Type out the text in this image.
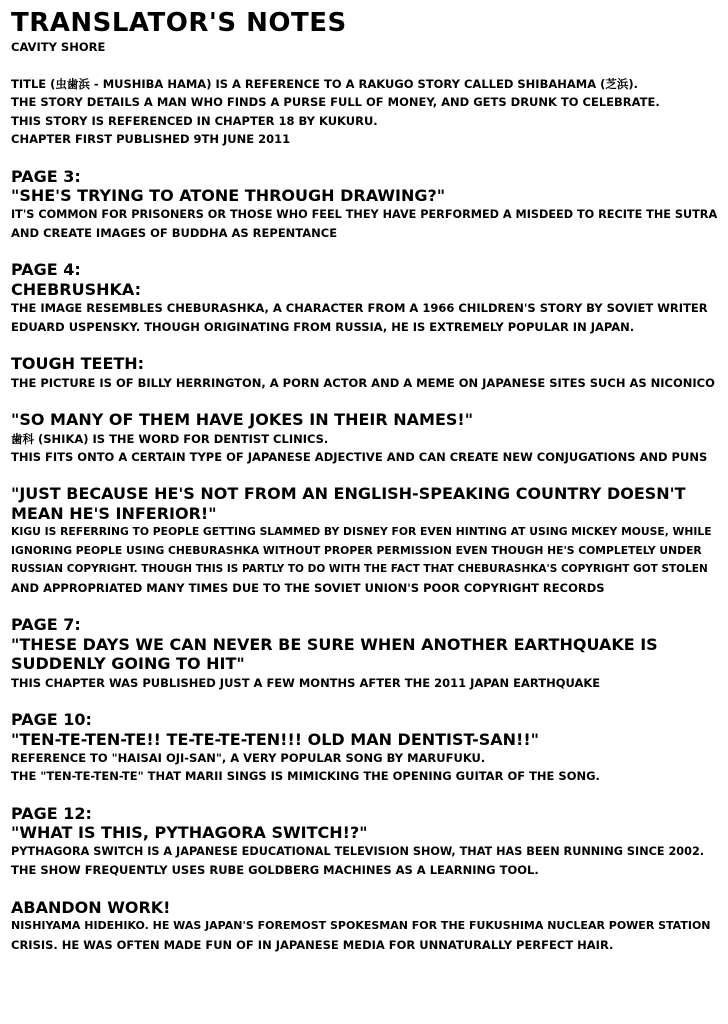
TRANSLATOR'S NOTES
CAVITY SHORE
TITLE (虫歯浜 - MUSHIBA HAMA) IS A REFERENCE TO A RAKUGO STORY CALLED SHIBAHAMA (芝浜).
THE STORY DETAILS A MAN WHO FINDS A PURSE FULL OF MONEY, AND GETS DRUNK TO CELEBRATE.
THIS STORY IS REFERENCED IN CHAPTER 18 BY KUKURU.
CHAPTER FIRST PUBLISHED 9TH JUNE 2011
PAGE 3:
"SHE'S TRYING TO ATONE THROUGH DRAWING?"
IT'S COMMON FOR PRISONERS OR THOSE WHO FEEL THEY HAVE PERFORMED A MISDEED TO RECITE THE SUTRA
AND CREATE IMAGES OF BUDDHA AS REPENTANCE
PAGE 4:
CHEBRUSHKA:
THE IMAGE RESEMBLES CHEBURASHKA, A CHARACTER FROM A 1966 CHILDREN'S STORY BY SOVIET WRITER
EDUARD USPENSKY. THOUGH ORIGINATING FROM RUSSIA, HE IS EXTREMELY POPULAR IN JAPAN.
TOUGH TEETH:
THE PICTURE IS OF BILLY HERRINGTON, A PORN ACTOR AND A MEME ON JAPANESE SITES SUCH AS NICONICO
"SO MANY OF THEM HAVE JOKES IN THEIR NAMES!"
歯科 (SHIKA) IS THE WORD FOR DENTIST CLINICS.
THIS FITS ONTO A CERTAIN TYPE OF JAPANESE ADJECTIVE AND CAN CREATE NEW CONJUGATIONS AND PUNS
"JUST BECAUSE HE'S NOT FROM AN ENGLISH-SPEAKING COUNTRY DOESN'T MEAN HE'S INFERIOR!"
KIGU IS REFERRING TO PEOPLE GETTING SLAMMED BY DISNEY FOR EVEN HINTING AT USING MICKEY MOUSE, WHILE
IGNORING PEOPLE USING CHEBURASHKA WITHOUT PROPER PERMISSION EVEN THOUGH HE'S COMPLETELY UNDER
RUSSIAN COPYRIGHT. THOUGH THIS IS PARTLY TO DO WITH THE FACT THAT CHEBURASHKA'S COPYRIGHT GOT STOLEN
AND APPROPRIATED MANY TIMES DUE TO THE SOVIET UNION'S POOR COPYRIGHT RECORDS
PAGE 7:
"THESE DAYS WE CAN NEVER BE SURE WHEN ANOTHER EARTHQUAKE IS SUDDENLY GOING TO HIT"
THIS CHAPTER WAS PUBLISHED JUST A FEW MONTHS AFTER THE 2011 JAPAN EARTHQUAKE
PAGE 10:
"TEN-TE-TEN-TE!! TE-TE-TE-TEN!!! OLD MAN DENTIST-SAN!!"
REFERENCE TO "HAISAI OJI-SAN", A VERY POPULAR SONG BY MARUFUKU.
THE "TEN-TE-TEN-TE" THAT MARII SINGS IS MIMICKING THE OPENING GUITAR OF THE SONG.
PAGE 12:
"WHAT IS THIS, PYTHAGORA SWITCH!?"
PYTHAGORA SWITCH IS A JAPANESE EDUCATIONAL TELEVISION SHOW, THAT HAS BEEN RUNNING SINCE 2002.
THE SHOW FREQUENTLY USES RUBE GOLDBERG MACHINES AS A LEARNING TOOL.
ABANDON WORK!
NISHIYAMA HIDEHIKO. HE WAS JAPAN'S FOREMOST SPOKESMAN FOR THE FUKUSHIMA NUCLEAR POWER STATION
CRISIS. HE WAS OFTEN MADE FUN OF IN JAPANESE MEDIA FOR UNNATURALLY PERFECT HAIR.
